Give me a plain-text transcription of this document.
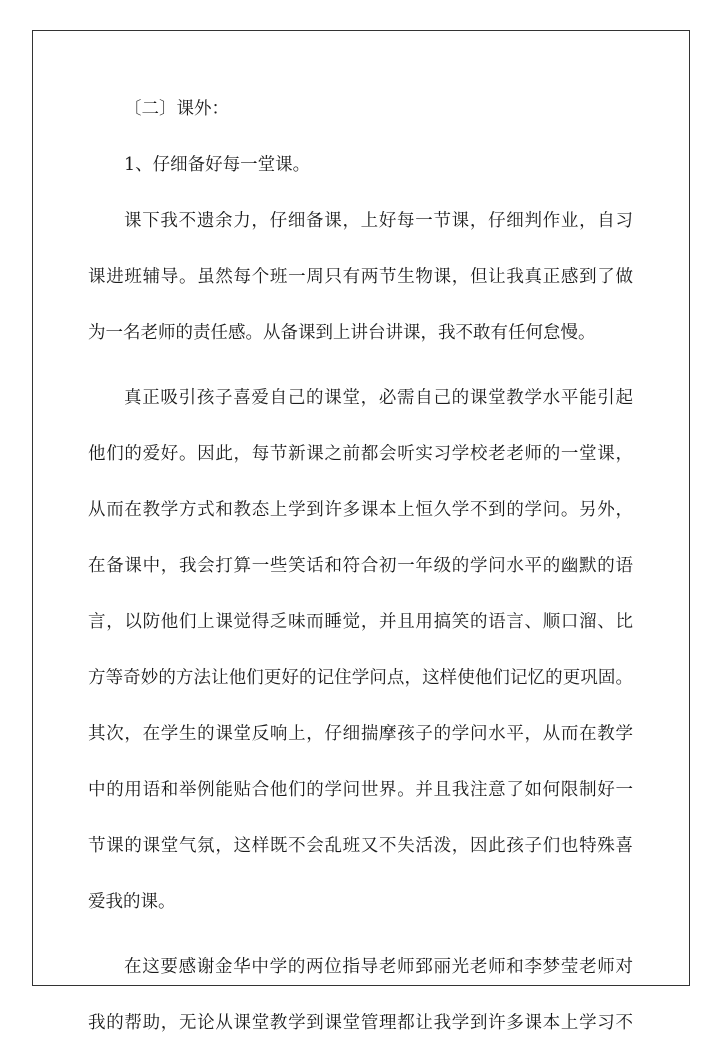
〔二〕课外：
1、仔细备好每一堂课。
课下我不遗余力，仔细备课，上好每一节课，仔细判作业，自习
课进班辅导。虽然每个班一周只有两节生物课，但让我真正感到了做
为一名老师的责任感。从备课到上讲台讲课，我不敢有任何怠慢。
真正吸引孩子喜爱自己的课堂，必需自己的课堂教学水平能引起
他们的爱好。因此，每节新课之前都会听实习学校老老师的一堂课，
从而在教学方式和教态上学到许多课本上恒久学不到的学问。另外，
在备课中，我会打算一些笑话和符合初一年级的学问水平的幽默的语
言，以防他们上课觉得乏味而睡觉，并且用搞笑的语言、顺口溜、比
方等奇妙的方法让他们更好的记住学问点，这样使他们记忆的更巩固。
其次，在学生的课堂反响上，仔细揣摩孩子的学问水平，从而在教学
中的用语和举例能贴合他们的学问世界。并且我注意了如何限制好一
节课的课堂气氛，这样既不会乱班又不失活泼，因此孩子们也特殊喜
爱我的课。
在这要感谢金华中学的两位指导老师郅丽光老师和李梦莹老师对
我的帮助，无论从课堂教学到课堂管理都让我学到许多课本上学习不
